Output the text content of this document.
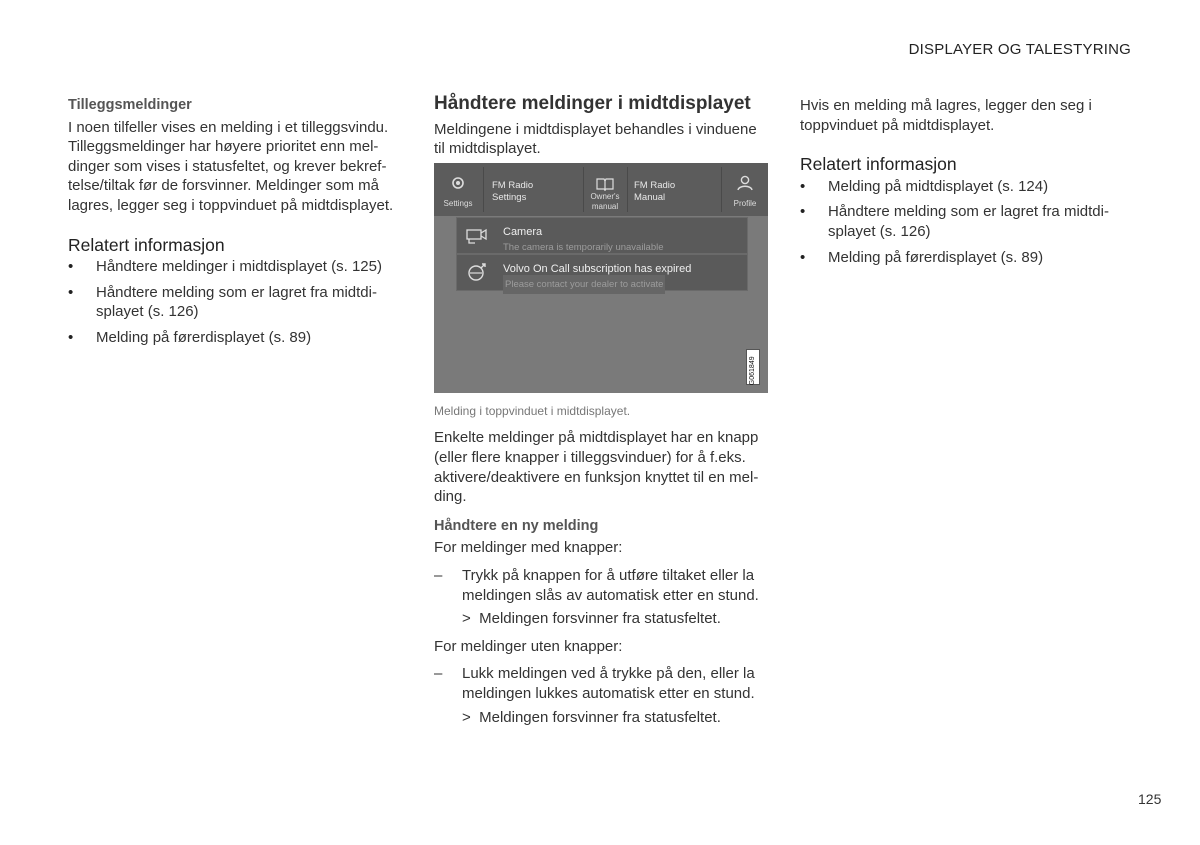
DISPLAYER OG TALESTYRING
Tilleggsmeldinger

I noen tilfeller vises en melding i et tilleggsvindu. Tilleggsmeldinger har høyere prioritet enn meldinger som vises i statusfeltet, og krever bekreftelse/tiltak før de forsvinner. Meldinger som må lagres, legger seg i toppvinduet på midtdisplayet.

Relatert informasjon
• Håndtere meldinger i midtdisplayet (s. 125)
• Håndtere melding som er lagret fra midtdisplayet (s. 126)
• Melding på førerdisplayet (s. 89)
Håndtere meldinger i midtdisplayet

Meldingene i midtdisplayet behandles i vinduene til midtdisplayet.

Settings
FM Radio
Settings	Owner's
manual
FM Radio
Manual
Profile
Camera
The camera is temporarily unavailable
Volvo On Call subscription has expired
Please contact your dealer to activate
G061849
Melding i toppvinduet i midtdisplayet.

Enkelte meldinger på midtdisplayet har en knapp (eller flere knapper i tilleggsvinduer) for å f.eks. aktivere/deaktivere en funksjon knyttet til en melding.

Håndtere en ny melding

For meldinger med knapper:

– Trykk på knappen for å utføre tiltaket eller la meldingen slås av automatisk etter en stund.
> Meldingen forsvinner fra statusfeltet.

For meldinger uten knapper:

– Lukk meldingen ved å trykke på den, eller la meldingen lukkes automatisk etter en stund.
> Meldingen forsvinner fra statusfeltet.

Hvis en melding må lagres, legger den seg i toppvinduet på midtdisplayet.

Relatert informasjon
• Melding på midtdisplayet (s. 124)
• Håndtere melding som er lagret fra midtdisplayet (s. 126)
• Melding på førerdisplayet (s. 89)
125
